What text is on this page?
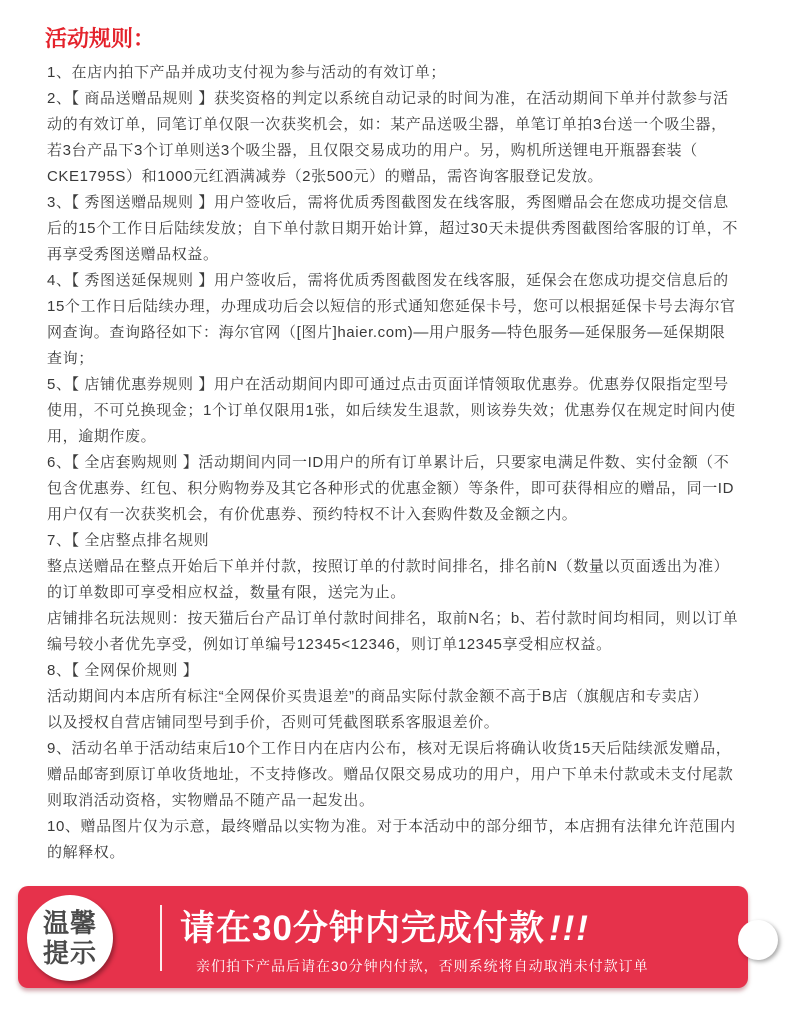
活动规则：
1、在店内拍下产品并成功支付视为参与活动的有效订单；
2、【 商品送赠品规则 】获奖资格的判定以系统自动记录的时间为准，在活动期间下单并付款参与活
动的有效订单，同笔订单仅限一次获奖机会，如：某产品送吸尘器，单笔订单拍3台送一个吸尘器，
若3台产品下3个订单则送3个吸尘器，且仅限交易成功的用户。另，购机所送锂电开瓶器套装（
CKE1795S）和1000元红酒满减券（2张500元）的赠品，需咨询客服登记发放。
3、【 秀图送赠品规则 】用户签收后，需将优质秀图截图发在线客服，秀图赠品会在您成功提交信息
后的15个工作日后陆续发放；自下单付款日期开始计算，超过30天未提供秀图截图给客服的订单，不
再享受秀图送赠品权益。
4、【 秀图送延保规则 】用户签收后，需将优质秀图截图发在线客服，延保会在您成功提交信息后的
15个工作日后陆续办理，办理成功后会以短信的形式通知您延保卡号，您可以根据延保卡号去海尔官
网查询。查询路径如下：海尔官网（[图片]haier.com)—用户服务—特色服务—延保服务—延保期限
查询；
5、【 店铺优惠券规则 】用户在活动期间内即可通过点击页面详情领取优惠券。优惠券仅限指定型号
使用，不可兑换现金；1个订单仅限用1张，如后续发生退款，则该券失效；优惠券仅在规定时间内使
用，逾期作废。
6、【 全店套购规则 】活动期间内同一ID用户的所有订单累计后，只要家电满足件数、实付金额（不
包含优惠券、红包、积分购物券及其它各种形式的优惠金额）等条件，即可获得相应的赠品，同一ID
用户仅有一次获奖机会，有价优惠券、预约特权不计入套购件数及金额之内。
7、【 全店整点排名规则
整点送赠品在整点开始后下单并付款，按照订单的付款时间排名，排名前N（数量以页面透出为准）
的订单数即可享受相应权益，数量有限，送完为止。
店铺排名玩法规则：按天猫后台产品订单付款时间排名，取前N名；b、若付款时间均相同，则以订单
编号较小者优先享受，例如订单编号12345<12346，则订单12345享受相应权益。
8、【 全网保价规则 】
活动期间内本店所有标注“全网保价买贵退差”的商品实际付款金额不高于B店（旗舰店和专卖店）
以及授权自营店铺同型号到手价，否则可凭截图联系客服退差价。
9、活动名单于活动结束后10个工作日内在店内公布，核对无误后将确认收货15天后陆续派发赠品，
赠品邮寄到原订单收货地址，不支持修改。赠品仅限交易成功的用户，用户下单未付款或未支付尾款
则取消活动资格，实物赠品不随产品一起发出。
10、赠品图片仅为示意，最终赠品以实物为准。对于本活动中的部分细节，本店拥有法律允许范围内
的解释权。
温馨
提示
请在30分钟内完成付款 !!!
亲们拍下产品后请在30分钟内付款，否则系统将自动取消未付款订单
